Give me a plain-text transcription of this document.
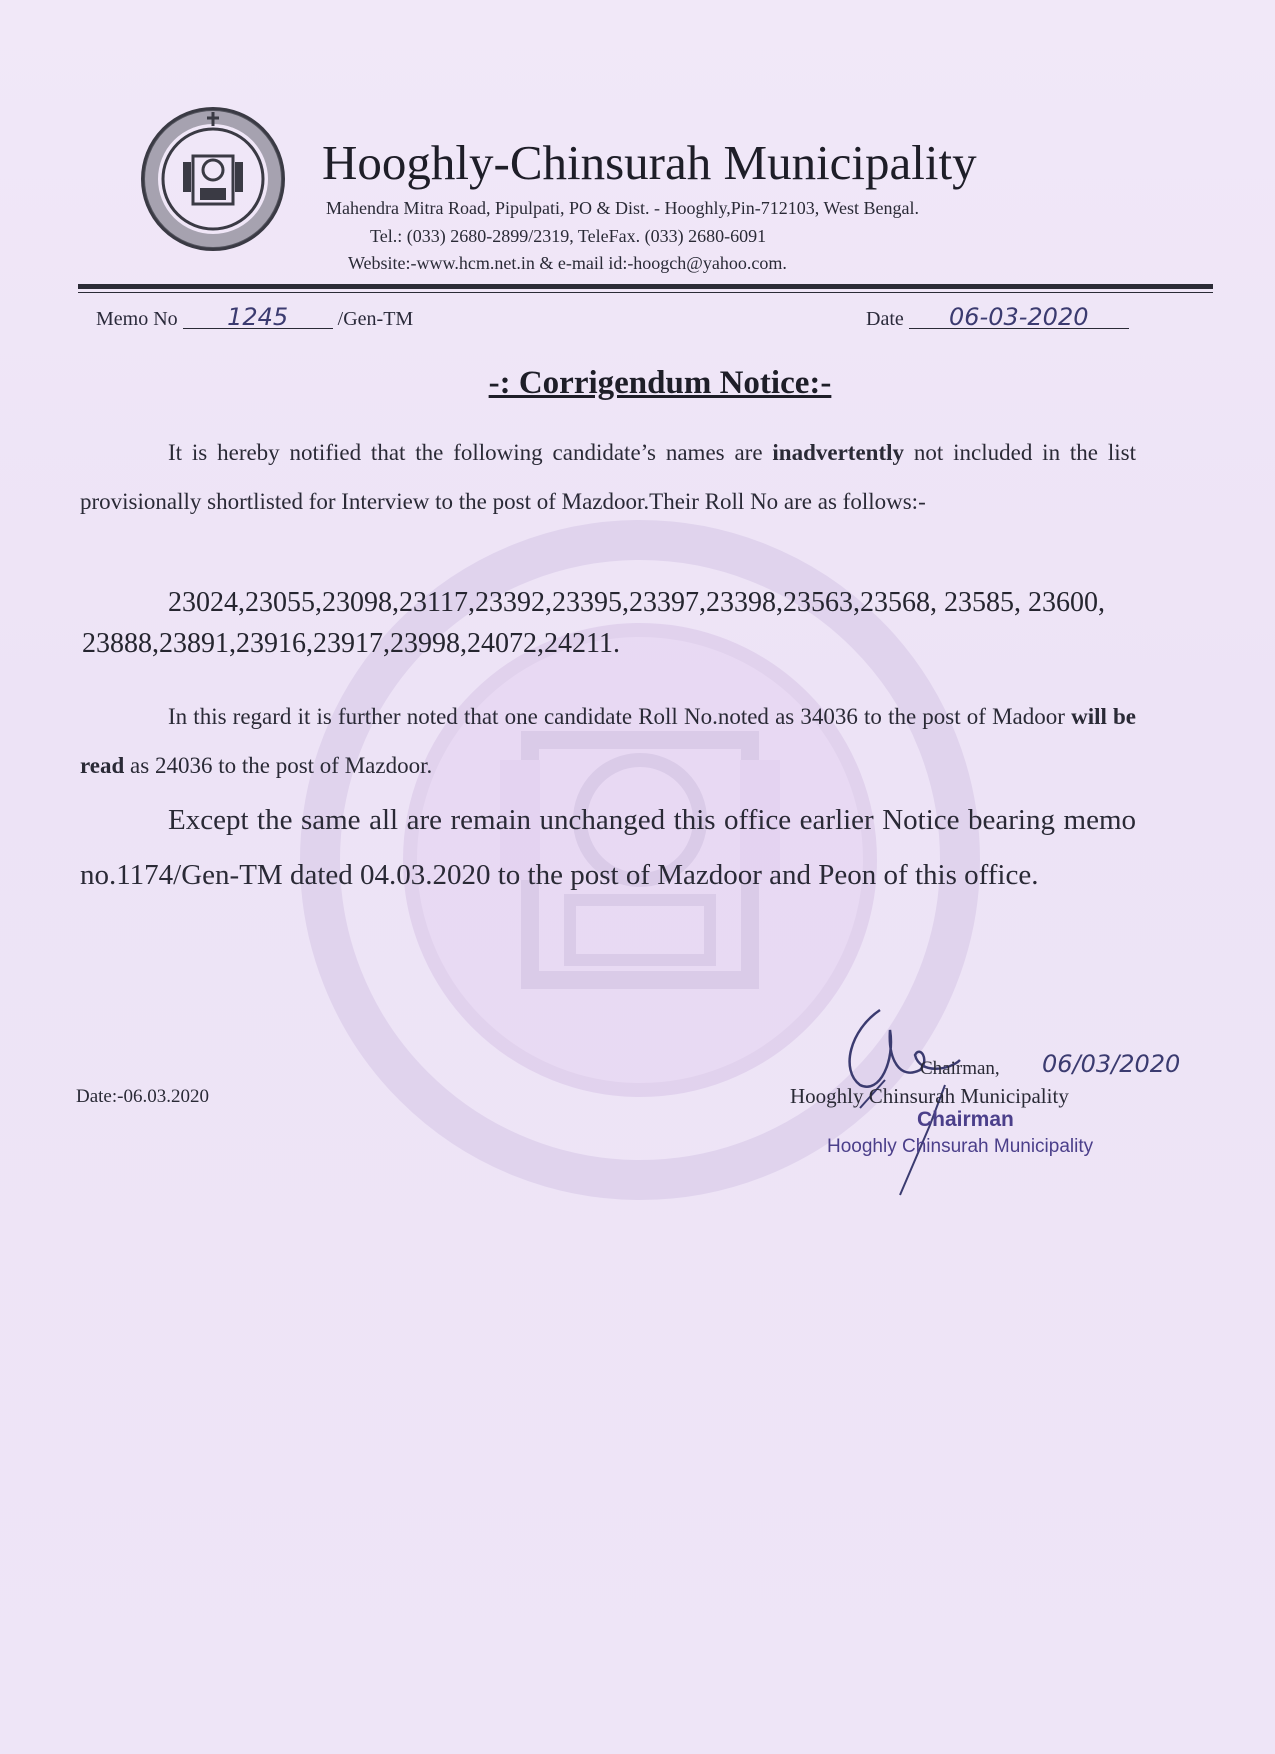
Hooghly-Chinsurah Municipality
Mahendra Mitra Road, Pipulpati, PO & Dist. - Hooghly,Pin-712103, West Bengal.
Tel.: (033) 2680-2899/2319, TeleFax. (033) 2680-6091
Website:-www.hcm.net.in & e-mail id:-hoogch@yahoo.com.
Memo No 1245 /Gen-TM	Date 06-03-2020
-: Corrigendum Notice:-
It is hereby notified that the following candidate’s names are inadvertently not included in the list provisionally shortlisted for Interview to the post of Mazdoor.Their Roll No are as follows:-
23024,23055,23098,23117,23392,23395,23397,23398,23563,23568, 23585, 23600, 23888,23891,23916,23917,23998,24072,24211.
In this regard it is further noted that one candidate Roll No.noted as 34036 to the post of Madoor will be read as 24036 to the post of Mazdoor.
Except the same all are remain unchanged this office earlier Notice bearing memo no.1174/Gen-TM dated 04.03.2020 to the post of Mazdoor and Peon of this office.
Date:-06.03.2020
Chairman, 06/03/2020
Hooghly Chinsurah Municipality
Chairman
Hooghly Chinsurah Municipality
